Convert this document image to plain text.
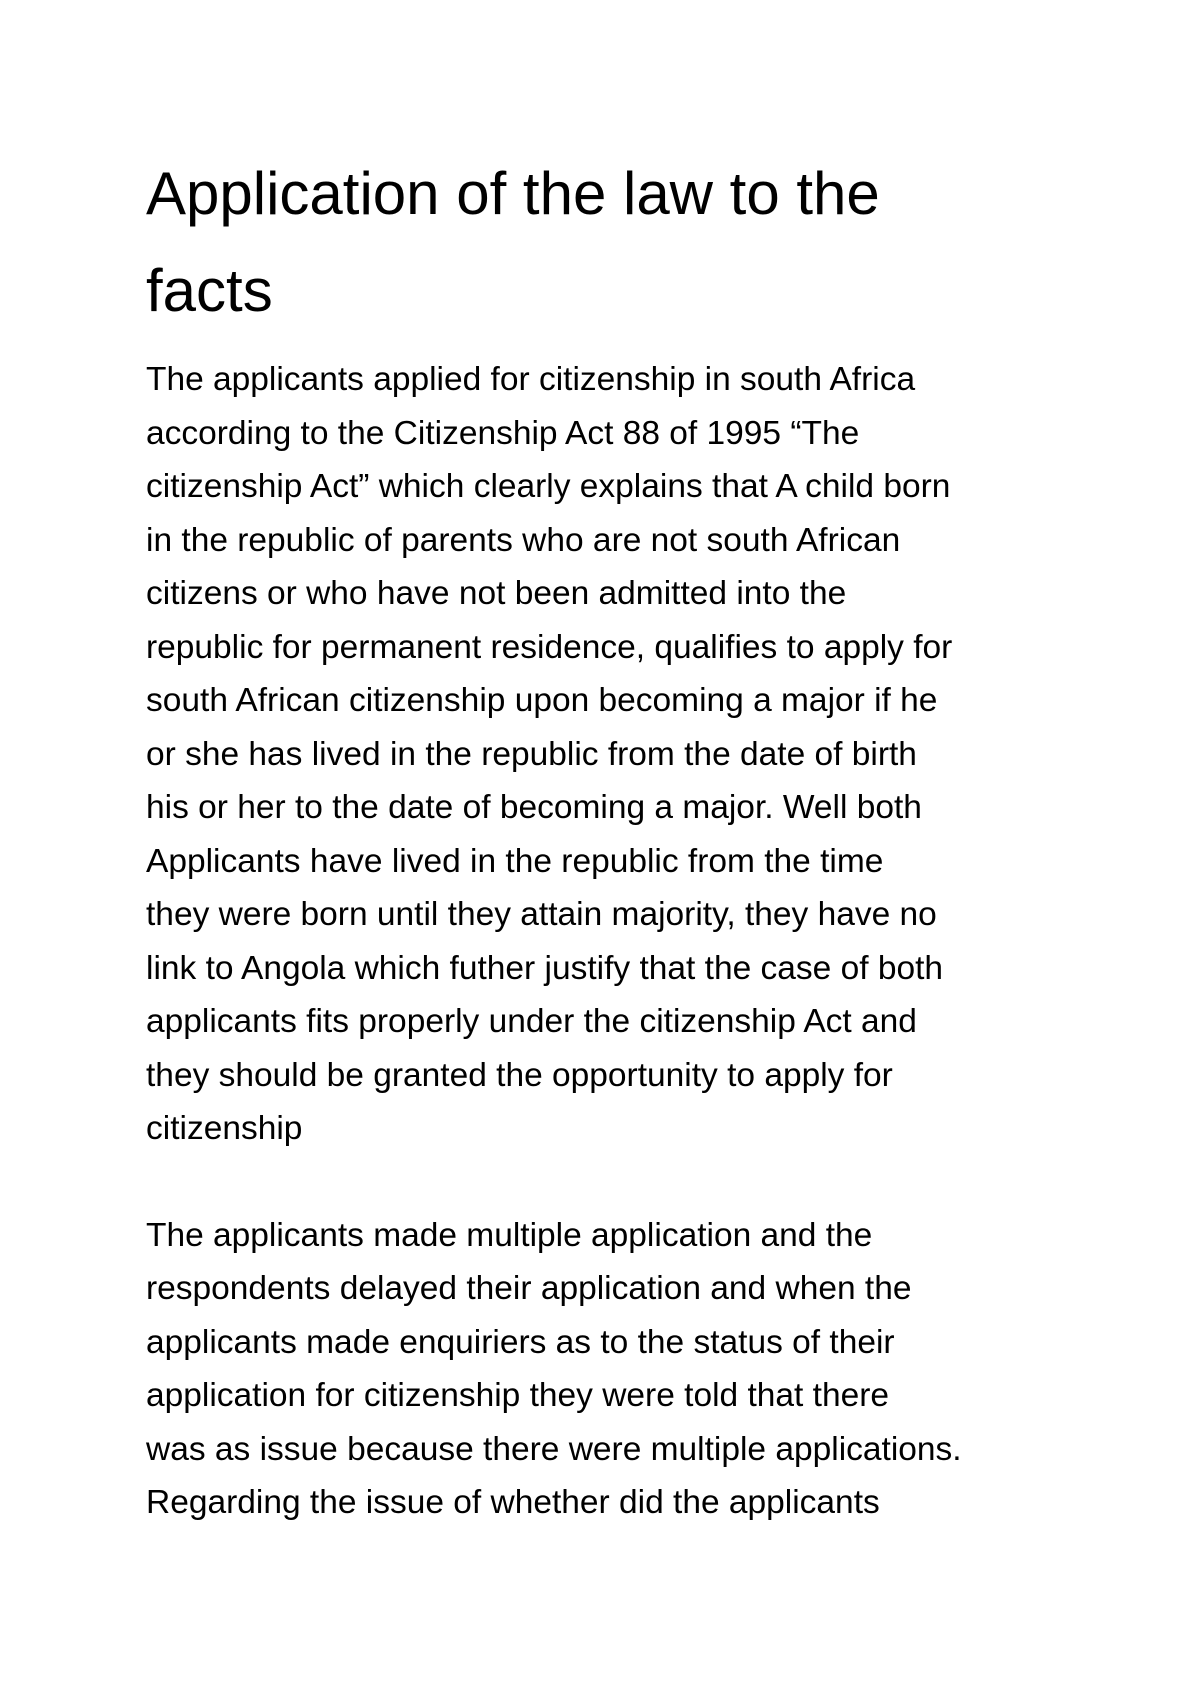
Application of the law to the
facts

The applicants applied for citizenship in south Africa
according to the Citizenship Act 88 of 1995 “The
citizenship Act” which clearly explains that A child born
in the republic of parents who are not south African
citizens or who have not been admitted into the
republic for permanent residence, qualifies to apply for
south African citizenship upon becoming a major if he
or she has lived in the republic from the date of birth
his or her to the date of becoming a major. Well both
Applicants have lived in the republic from the time
they were born until they attain majority, they have no
link to Angola which futher justify that the case of both
applicants fits properly under the citizenship Act and
they should be granted the opportunity to apply for
citizenship

The applicants made multiple application and the
respondents delayed their application and when the
applicants made enquiriers as to the status of their
application for citizenship they were told that there
was as issue because there were multiple applications.
Regarding the issue of whether did the applicants
